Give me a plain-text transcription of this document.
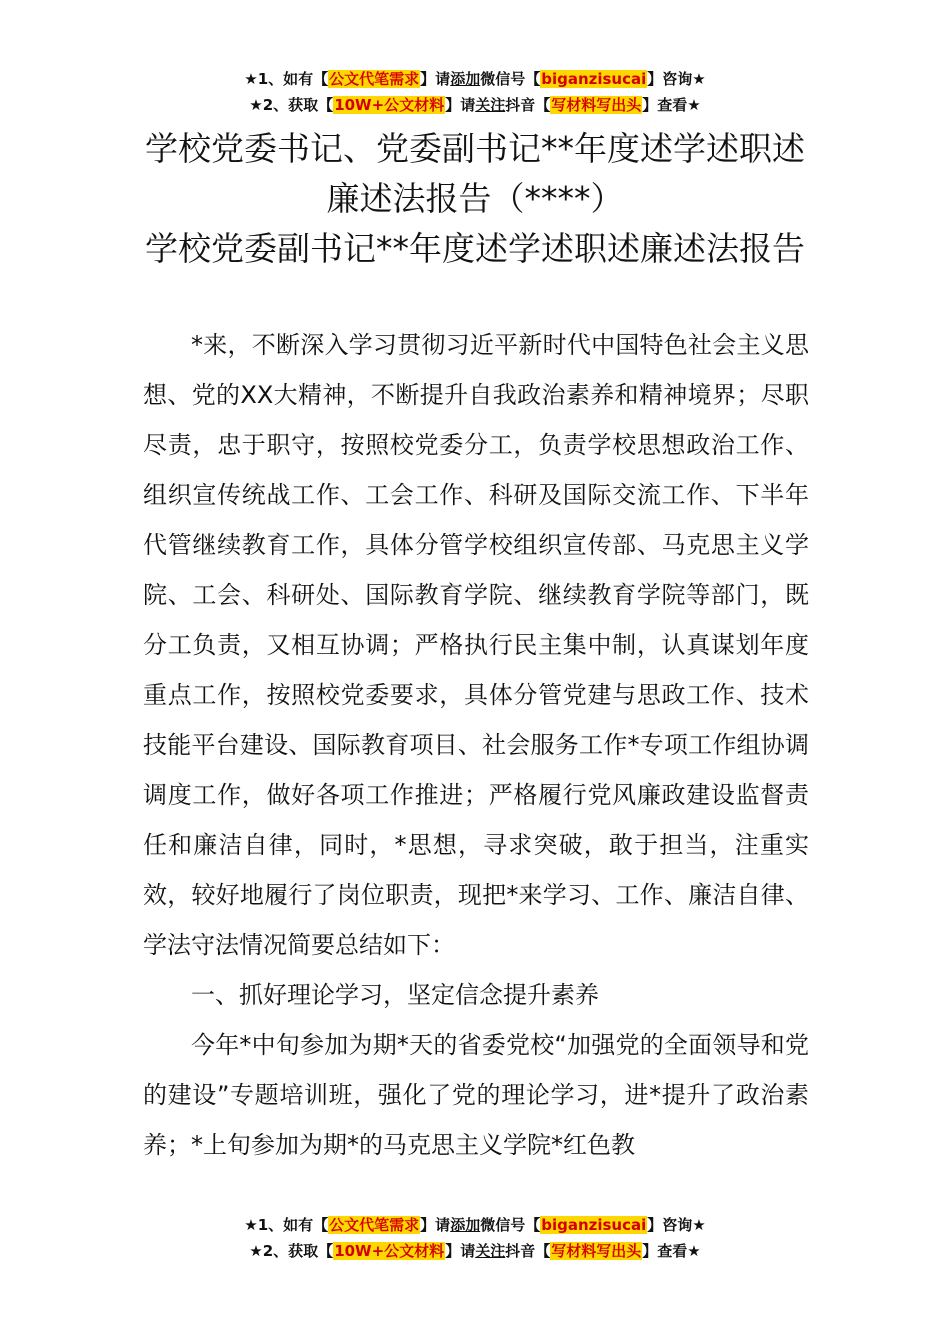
★1、如有【公文代笔需求】请添加微信号【biganzisucai】咨询★
★2、获取【10W+公文材料】请关注抖音【写材料写出头】查看★
学校党委书记、党委副书记**年度述学述职述廉述法报告（****）
学校党委副书记**年度述学述职述廉述法报告

*来，不断深入学习贯彻习近平新时代中国特色社会主义思想、党的XX大精神，不断提升自我政治素养和精神境界；尽职尽责，忠于职守，按照校党委分工，负责学校思想政治工作、组织宣传统战工作、工会工作、科研及国际交流工作、下半年代管继续教育工作，具体分管学校组织宣传部、马克思主义学院、工会、科研处、国际教育学院、继续教育学院等部门，既分工负责，又相互协调；严格执行民主集中制，认真谋划年度重点工作，按照校党委要求，具体分管党建与思政工作、技术技能平台建设、国际教育项目、社会服务工作*专项工作组协调调度工作，做好各项工作推进；严格履行党风廉政建设监督责任和廉洁自律，同时，*思想，寻求突破，敢于担当，注重实效，较好地履行了岗位职责，现把*来学习、工作、廉洁自律、学法守法情况简要总结如下：

一、抓好理论学习，坚定信念提升素养

今年*中旬参加为期*天的省委党校“加强党的全面领导和党的建设”专题培训班，强化了党的理论学习，进*提升了政治素养；*上旬参加为期*的马克思主义学院*红色教

★1、如有【公文代笔需求】请添加微信号【biganzisucai】咨询★
★2、获取【10W+公文材料】请关注抖音【写材料写出头】查看★
